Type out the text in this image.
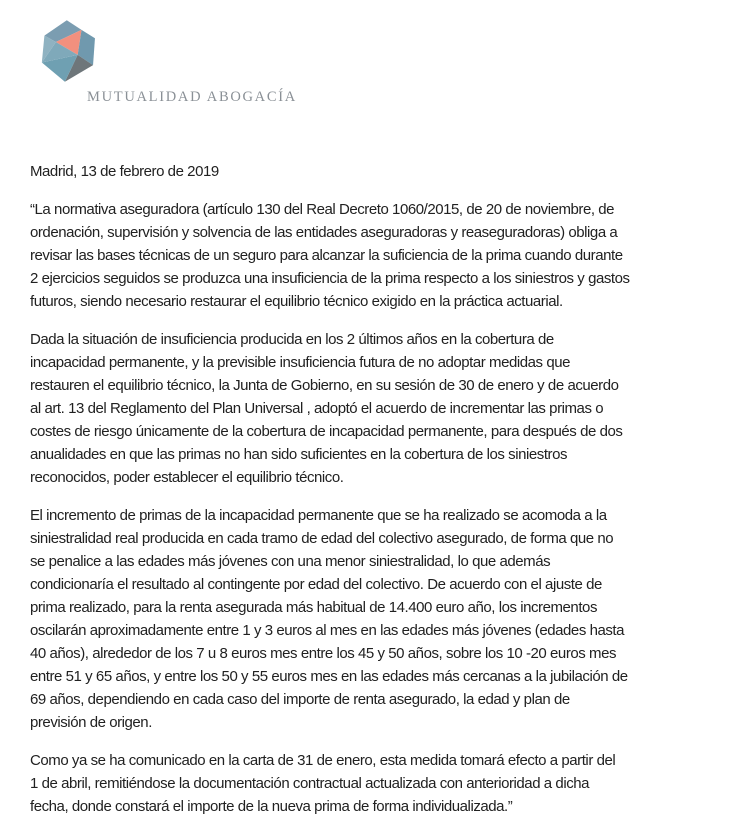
MUTUALIDAD ABOGACÍA
Madrid, 13 de febrero de 2019

“La normativa aseguradora (artículo 130 del Real Decreto 1060/2015, de 20 de noviembre, de
ordenación, supervisión y solvencia de las entidades aseguradoras y reaseguradoras) obliga a
revisar las bases técnicas de un seguro para alcanzar la suficiencia de la prima cuando durante
2 ejercicios seguidos se produzca una insuficiencia de la prima respecto a los siniestros y gastos
futuros, siendo necesario restaurar el equilibrio técnico exigido en la práctica actuarial.

Dada la situación de insuficiencia producida en los 2 últimos años en la cobertura de
incapacidad permanente, y la previsible insuficiencia futura de no adoptar medidas que
restauren el equilibrio técnico, la Junta de Gobierno, en su sesión de 30 de enero y de acuerdo
al art. 13 del Reglamento del Plan Universal , adoptó el acuerdo de incrementar las primas o
costes de riesgo únicamente de la cobertura de incapacidad permanente, para después de dos
anualidades en que las primas no han sido suficientes en la cobertura de los siniestros
reconocidos, poder establecer el equilibrio técnico.

El incremento de primas de la incapacidad permanente que se ha realizado se acomoda a la
siniestralidad real producida en cada tramo de edad del colectivo asegurado, de forma que no
se penalice a las edades más jóvenes con una menor siniestralidad, lo que además
condicionaría el resultado al contingente por edad del colectivo. De acuerdo con el ajuste de
prima realizado, para la renta asegurada más habitual de 14.400 euro año, los incrementos
oscilarán aproximadamente entre 1 y 3 euros al mes en las edades más jóvenes (edades hasta
40 años), alrededor de los 7 u 8 euros mes entre los 45 y 50 años, sobre los 10 -20 euros mes
entre 51 y 65 años, y entre los 50 y 55 euros mes en las edades más cercanas a la jubilación de
69 años, dependiendo en cada caso del importe de renta asegurado, la edad y plan de
previsión de origen.

Como ya se ha comunicado en la carta de 31 de enero, esta medida tomará efecto a partir del
1 de abril, remitiéndose la documentación contractual actualizada con anterioridad a dicha
fecha, donde constará el importe de la nueva prima de forma individualizada.”
